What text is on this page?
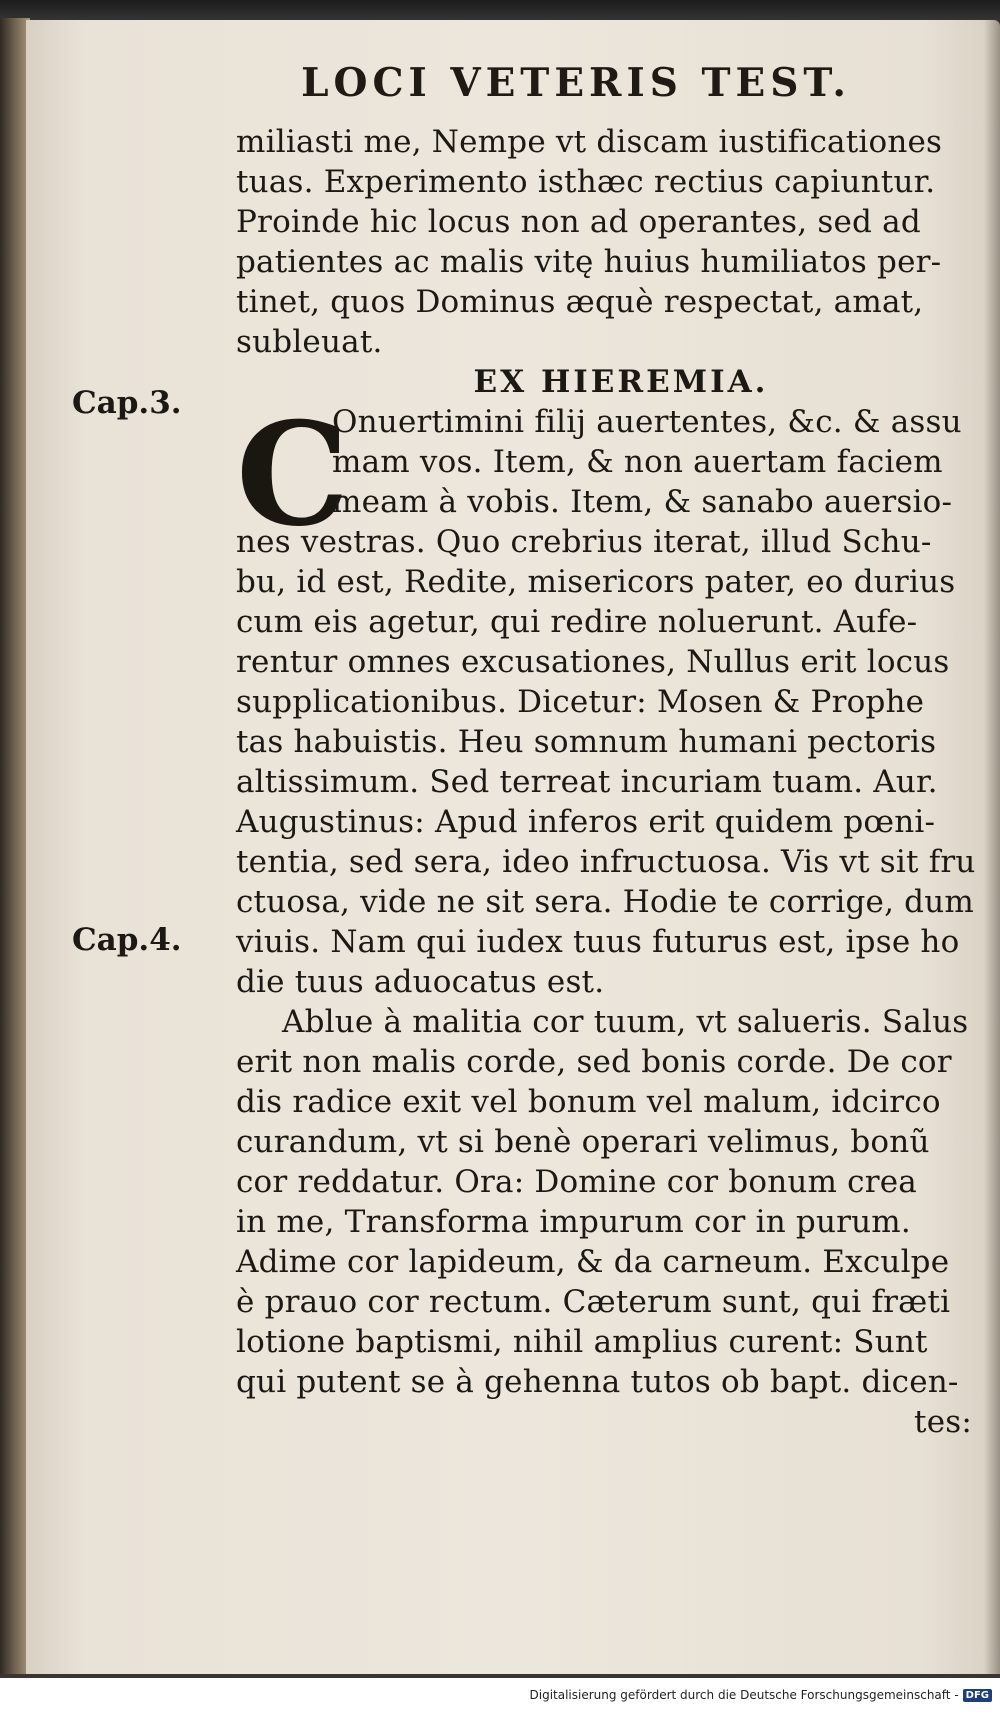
LOCI VETERIS TEST.
Cap.3.
Cap.4.
C
miliasti me, Nempe vt discam iustificationes
tuas. Experimento isthæc rectius capiuntur.
Proinde hic locus non ad operantes, sed ad
patientes ac malis vitę huius humiliatos per-
tinet, quos Dominus æquè respectat, amat,
subleuat.
EX HIEREMIA.
Onuertimini filij auertentes, &c. & assu
mam vos. Item, & non auertam faciem
meam à vobis. Item, & sanabo auersio-
nes vestras. Quo crebrius iterat, illud Schu-
bu, id est, Redite, misericors pater, eo durius
cum eis agetur, qui redire noluerunt. Aufe-
rentur omnes excusationes, Nullus erit locus
supplicationibus. Dicetur: Mosen & Prophe
tas habuistis. Heu somnum humani pectoris
altissimum. Sed terreat incuriam tuam. Aur.
Augustinus: Apud inferos erit quidem pœni-
tentia, sed sera, ideo infructuosa. Vis vt sit fru
ctuosa, vide ne sit sera. Hodie te corrige, dum
viuis. Nam qui iudex tuus futurus est, ipse ho
die tuus aduocatus est.
Ablue à malitia cor tuum, vt salueris. Salus
erit non malis corde, sed bonis corde. De cor
dis radice exit vel bonum vel malum, idcirco
curandum, vt si benè operari velimus, bonũ
cor reddatur. Ora: Domine cor bonum crea
in me, Transforma impurum cor in purum.
Adime cor lapideum, & da carneum. Exculpe
è prauo cor rectum. Cæterum sunt, qui fræti
lotione baptismi, nihil amplius curent: Sunt
qui putent se à gehenna tutos ob bapt. dicen-
tes:
Digitalisierung gefördert durch die Deutsche Forschungsgemeinschaft - DFG
